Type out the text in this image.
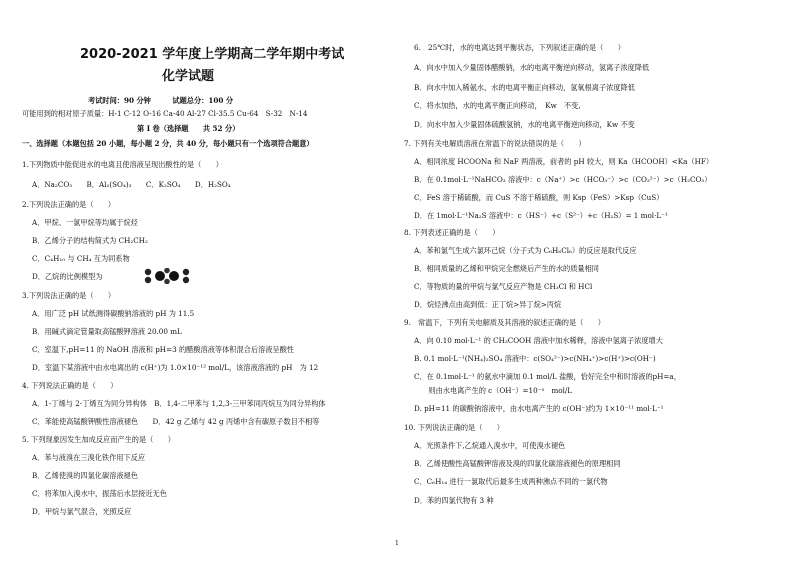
2020-2021 学年度上学期高二学年期中考试
化学试题
考试时间：90 分钟　　　试题总分：100 分
可能用到的相对原子质量：H-1 C-12 O-16 Ca-40 Al-27 Cl-35.5 Cu-64　S-32　N-14
第 I 卷（选择题　　共 52 分）
一、选择题（本题包括 20 小题，每小题 2 分，共 40 分，每小题只有一个选项符合题意）
1.下列物质中能促进水的电离且使溶液呈现出酸性的是（　　）
A．Na₂CO₃　　B．Al₂(SO₄)₃　　C．K₂SO₄　　D．H₂SO₄
2.下列说法正确的是（　　）
A．甲烷、一氯甲烷等均属于烷烃
B．乙烯分子的结构简式为 CH₂CH₂
C．C₄H₁₀ 与 CH₄ 互为同系物
D．乙烷的比例模型为
3.下列说法正确的是（　　）
A．用广泛 pH 试纸测得碳酸钠溶液的 pH 为 11.5
B．用碱式滴定管量取高锰酸钾溶液 20.00 mL
C．室温下,pH=11 的 NaOH 溶液和 pH=3 的醋酸溶液等体积混合后溶液呈酸性
D．室温下某溶液中由水电离出的 c(H⁺)为 1.0×10⁻¹² mol/L，该溶液溶液的 pH　为 12
4. 下列说法正确的是（　　）
A．1-丁烯与 2-丁烯互为同分异构体　B．1,4-二甲苯与 1,2,3-三甲苯同丙烷互为同分异构体
C．苯能使高锰酸钾酸性溶液褪色　　D．42 g 乙烯与 42 g 丙烯中含有碳原子数目不相等
5. 下列现象因发生加成反应而产生的是（　　）
A．苯与液溴在三溴化铁作用下反应
B．乙烯使溴的四氯化碳溶液褪色
C．将苯加入溴水中，振荡后水层接近无色
D．甲烷与氯气混合，光照反应
6.　25℃时，水的电离达到平衡状态，下列叙述正确的是（　　）
A．向水中加入少量固体醋酸钠，水的电离平衡逆向移动，氢离子浓度降低
B．向水中加入稀氨水，水的电离平衡正向移动，氢氧根离子浓度降低
C．将水加热，水的电离平衡正向移动，　Kw　不变,
D．向水中加入少量固体硫酸氢钠，水的电离平衡逆向移动，Kw 不变
7. 下列有关电解质溶液在常温下的说法错误的是（　　）
A．相同浓度 HCOONa 和 NaF 两溶液，前者的 pH 较大，则 Ka（HCOOH）<Ka（HF）
B．在 0.1mol·L⁻¹NaHCO₃ 溶液中：c（Na⁺）>c（HCO₃⁻）>c（CO₃²⁻）>c（H₂CO₃）
C．FeS 溶于稀硫酸，而 CuS 不溶于稀硫酸，则 Ksp（FeS）>Ksp（CuS）
D．在 1mol·L⁻¹Na₂S 溶液中：c（HS⁻）+c（S²⁻）+c（H₂S）= 1 mol·L⁻¹
8. 下列表述正确的是（　　）
A．苯和氯气生成六氯环己烷（分子式为 C₆H₆Cl₆）的反应是取代反应
B．相同质量的乙烯和甲烷完全燃烧后产生的水的质量相同
C．等物质的量的甲烷与氯气反应产物是 CH₃Cl 和 HCl
D．烷烃沸点由高到低：正丁烷>异丁烷>丙烷
9.　常温下，下列有关电解质及其溶液的叙述正确的是（　　）
A．向 0.10 mol·L⁻¹ 的 CH₃COOH 溶液中加水稀释，溶液中氢离子浓度增大
B. 0.1 mol·L⁻¹(NH₄)₂SO₄ 溶液中：c(SO₄²⁻)>c(NH₄⁺)>c(H⁺)>c(OH⁻)
C．在 0.1mol·L⁻¹ 的氨水中滴加 0.1 mol/L 盐酸，恰好完全中和时溶液的pH=a，
　　则由水电离产生的 c（OH⁻）=10⁻ᵃ　mol/L
D. pH=11 的碳酸钠溶液中，由水电离产生的 c(OH⁻)约为 1×10⁻¹¹ mol·L⁻¹
10. 下列说法正确的是（　　）
A．光照条件下,乙烷通入溴水中，可使溴水褪色
B．乙烯使酸性高锰酸钾溶液及溴的四氯化碳溶液褪色的原理相同
C．C₆H₁₄ 进行一氯取代后最多生成两种沸点不同的一氯代物
D．苯的四氯代物有 3 种
1
